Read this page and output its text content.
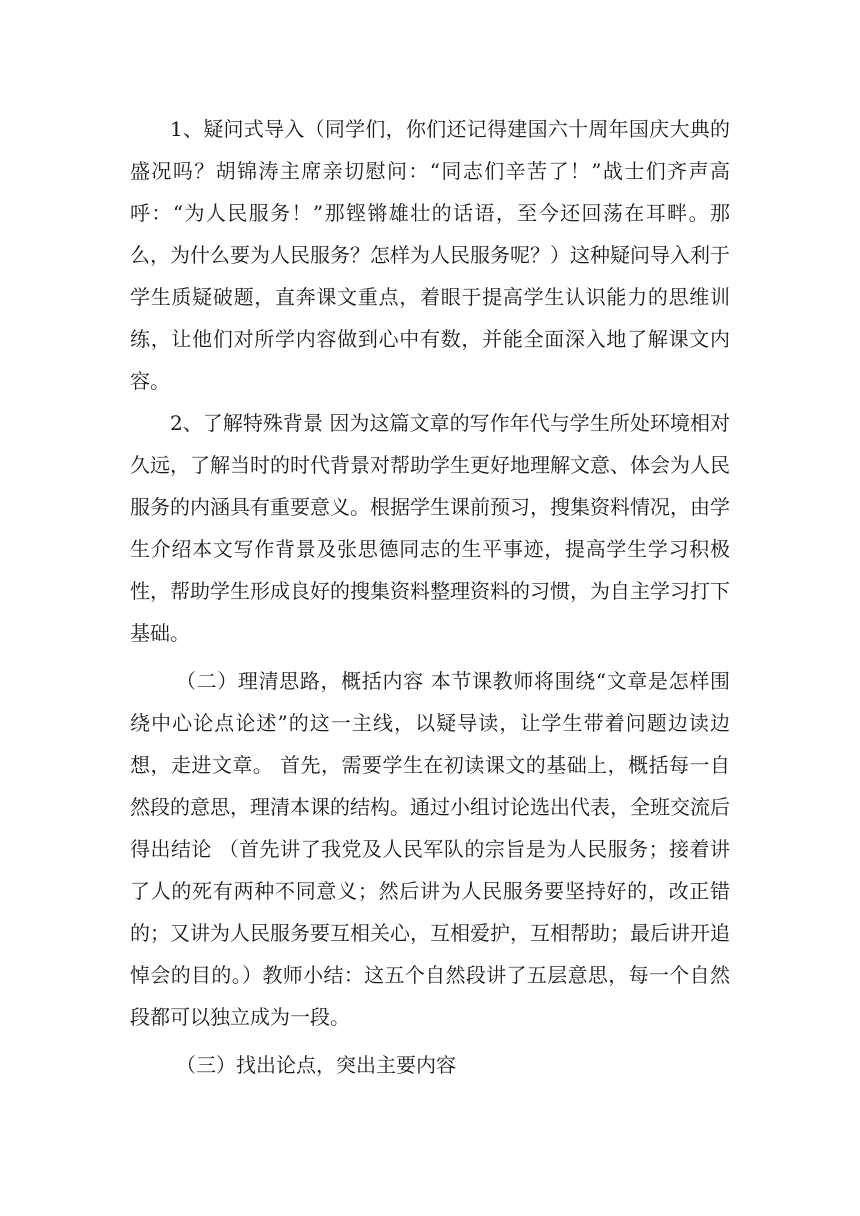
1、疑问式导入（同学们，你们还记得建国六十周年国庆大典的盛况吗？胡锦涛主席亲切慰问：“同志们辛苦了！”战士们齐声高呼：“为人民服务！”那铿锵雄壮的话语，至今还回荡在耳畔。那么，为什么要为人民服务？怎样为人民服务呢？）这种疑问导入利于学生质疑破题，直奔课文重点，着眼于提高学生认识能力的思维训练，让他们对所学内容做到心中有数，并能全面深入地了解课文内容。

2、了解特殊背景 因为这篇文章的写作年代与学生所处环境相对久远，了解当时的时代背景对帮助学生更好地理解文意、体会为人民服务的内涵具有重要意义。根据学生课前预习，搜集资料情况，由学生介绍本文写作背景及张思德同志的生平事迹，提高学生学习积极性，帮助学生形成良好的搜集资料整理资料的习惯，为自主学习打下基础。

（二）理清思路，概括内容 本节课教师将围绕“文章是怎样围绕中心论点论述”的这一主线，以疑导读，让学生带着问题边读边想，走进文章。 首先，需要学生在初读课文的基础上，概括每一自然段的意思，理清本课的结构。通过小组讨论选出代表，全班交流后得出结论 （首先讲了我党及人民军队的宗旨是为人民服务；接着讲了人的死有两种不同意义；然后讲为人民服务要坚持好的，改正错的；又讲为人民服务要互相关心，互相爱护，互相帮助；最后讲开追悼会的目的。）教师小结：这五个自然段讲了五层意思，每一个自然段都可以独立成为一段。

（三）找出论点，突出主要内容
